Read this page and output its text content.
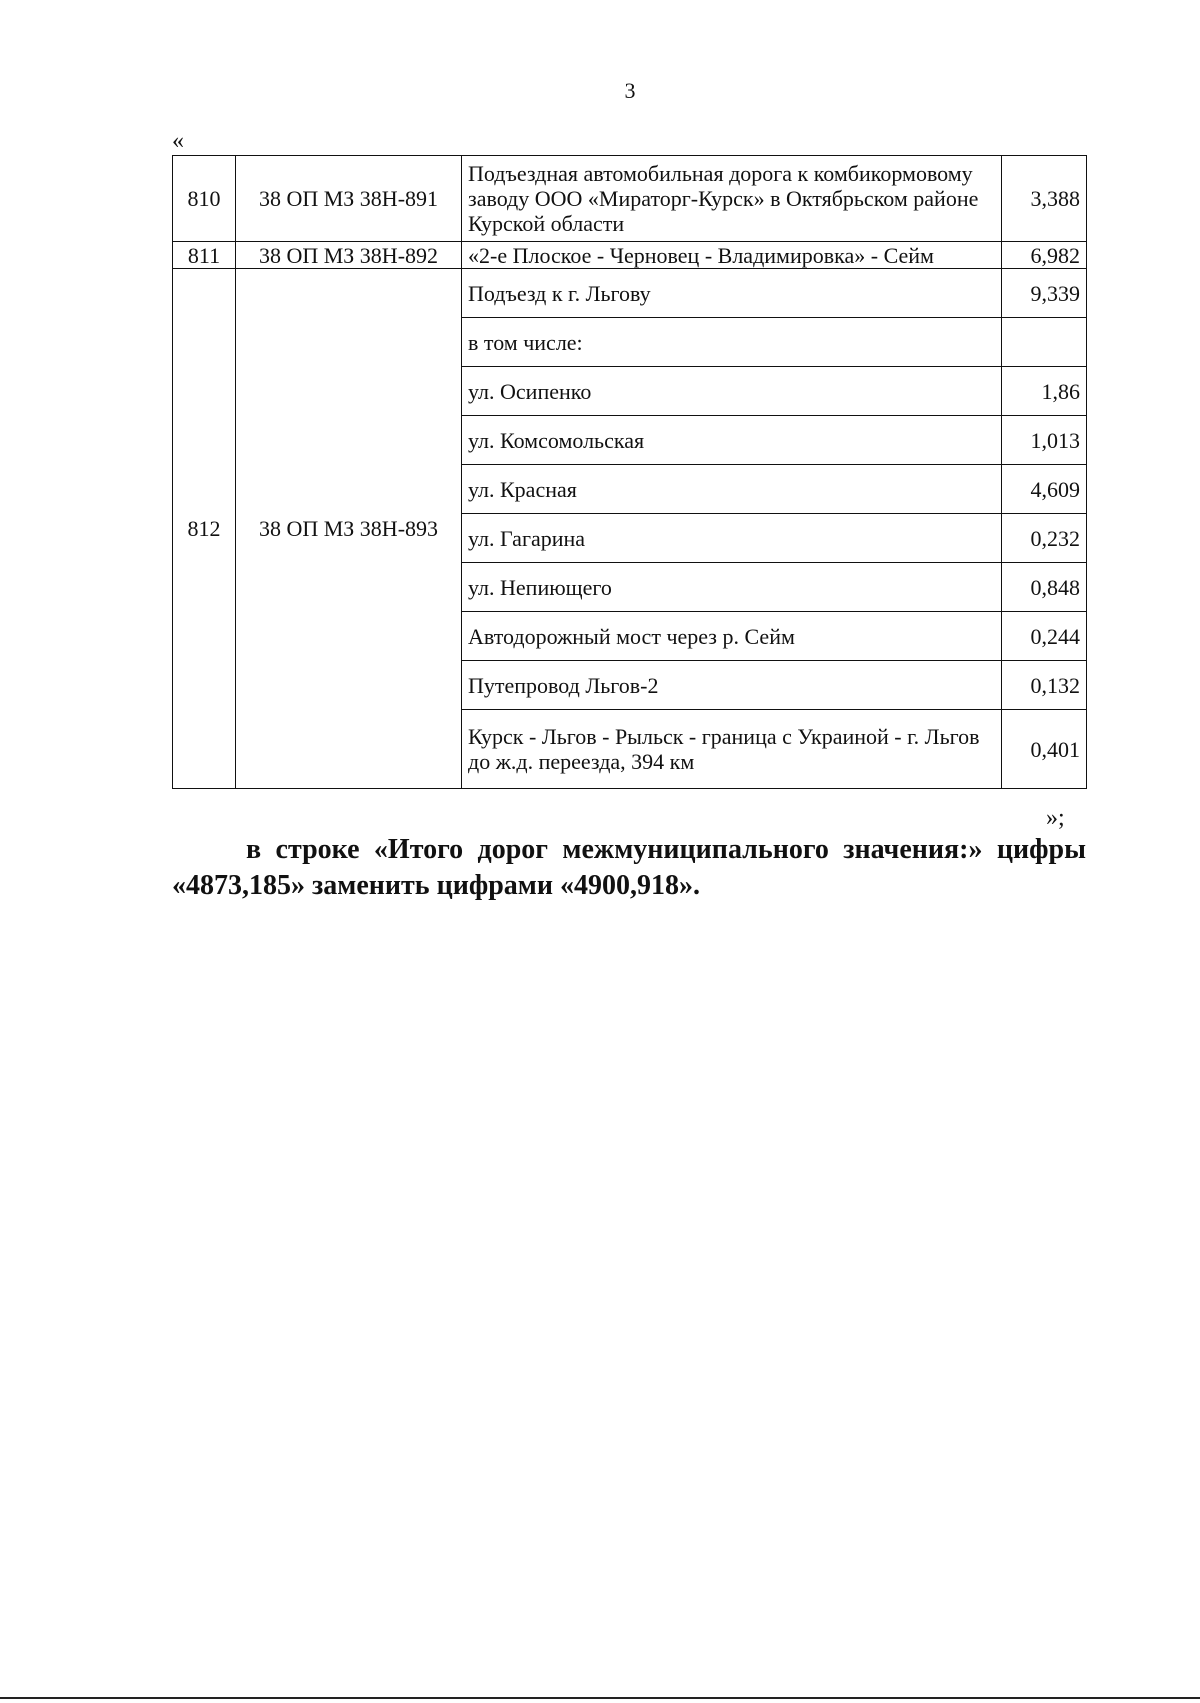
3
«
810	38 ОП МЗ 38Н-891	Подъездная автомобильная дорога к комбикормовому заводу ООО «Мираторг-Курск» в Октябрьском районе Курской области	3,388
811	38 ОП МЗ 38Н-892	«2-е Плоское - Черновец - Владимировка» - Сейм	6,982
812	38 ОП МЗ 38Н-893	Подъезд к г. Льгову	9,339
		в том числе:	
		ул. Осипенко	1,86
		ул. Комсомольская	1,013
		ул. Красная	4,609
		ул. Гагарина	0,232
		ул. Непиющего	0,848
		Автодорожный мост через р. Сейм	0,244
		Путепровод Льгов-2	0,132
		Курск - Льгов - Рыльск - граница с Украиной - г. Льгов до ж.д. переезда, 394 км	0,401
»;
в строке «Итого дорог межмуниципального значения:» цифры «4873,185» заменить цифрами «4900,918».
